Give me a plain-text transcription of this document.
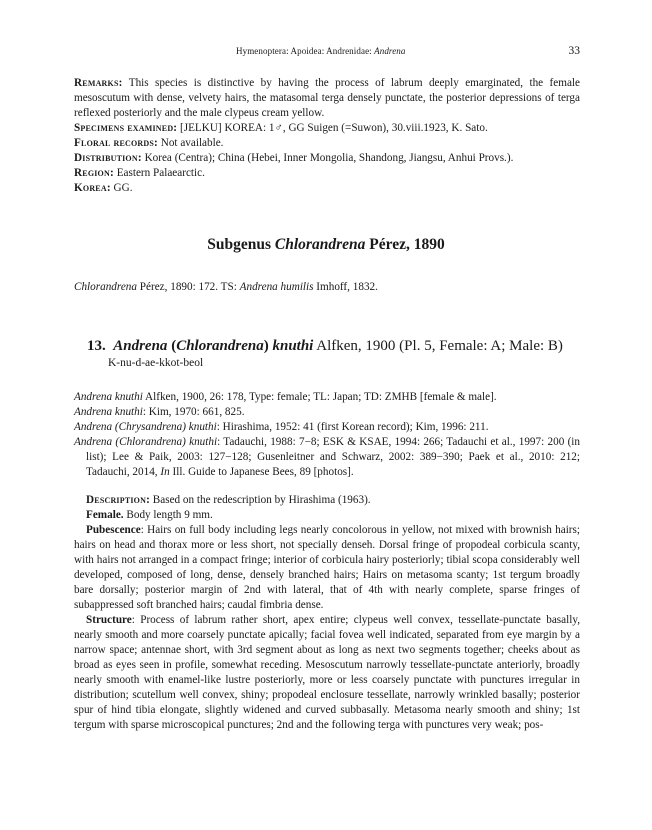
Hymenoptera: Apoidea: Andrenidae: Andrena	33

Remarks: This species is distinctive by having the process of labrum deeply emarginated, the female mesoscutum with dense, velvety hairs, the matasomal terga densely punctate, the posterior depressions of terga reflexed posteriorly and the male clypeus cream yellow.

Specimens examined: [JELKU] KOREA: 1♂, GG Suigen (=Suwon), 30.viii.1923, K. Sato.

Floral records: Not available.

Distribution: Korea (Centra); China (Hebei, Inner Mongolia, Shandong, Jiangsu, Anhui Provs.).

Region: Eastern Palaearctic.

Korea: GG.

Subgenus Chlorandrena Pérez, 1890
Chlorandrena Pérez, 1890: 172. TS: Andrena humilis Imhoff, 1832.
13. Andrena (Chlorandrena) knuthi Alfken, 1900 (Pl. 5, Female: A; Male: B)
K-nu-d-ae-kkot-beol

Andrena knuthi Alfken, 1900, 26: 178, Type: female; TL: Japan; TD: ZMHB [female & male].

Andrena knuthi: Kim, 1970: 661, 825.

Andrena (Chrysandrena) knuthi: Hirashima, 1952: 41 (first Korean record); Kim, 1996: 211.

Andrena (Chlorandrena) knuthi: Tadauchi, 1988: 7−8; ESK & KSAE, 1994: 266; Tadauchi et al., 1997: 200 (in list); Lee & Paik, 2003: 127−128; Gusenleitner and Schwarz, 2002: 389−390; Paek et al., 2010: 212; Tadauchi, 2014, In Ill. Guide to Japanese Bees, 89 [photos].

Description: Based on the redescription by Hirashima (1963).

Female. Body length 9 mm.

Pubescence: Hairs on full body including legs nearly concolorous in yellow, not mixed with brownish hairs; hairs on head and thorax more or less short, not specially denseh. Dorsal fringe of propodeal corbicula scanty, with hairs not arranged in a compact fringe; interior of corbicula hairy posteriorly; tibial scopa considerably well developed, composed of long, dense, densely branched hairs; Hairs on metasoma scanty; 1st tergum broadly bare dorsally; posterior margin of 2nd with lateral, that of 4th with nearly complete, sparse fringes of subappressed soft branched hairs; caudal fimbria dense.

Structure: Process of labrum rather short, apex entire; clypeus well convex, tessellate-punctate basally, nearly smooth and more coarsely punctate apically; facial fovea well indicated, separated from eye margin by a narrow space; antennae short, with 3rd segment about as long as next two segments together; cheeks about as broad as eyes seen in profile, somewhat receding. Mesoscutum narrowly tessellate-punctate anteriorly, broadly nearly smooth with enamel-like lustre posteriorly, more or less coarsely punctate with punctures irregular in distribution; scutellum well convex, shiny; propodeal enclosure tessellate, narrowly wrinkled basally; posterior spur of hind tibia elongate, slightly widened and curved subbasally. Metasoma nearly smooth and shiny; 1st tergum with sparse microscopical punctures; 2nd and the following terga with punctures very weak; pos-
